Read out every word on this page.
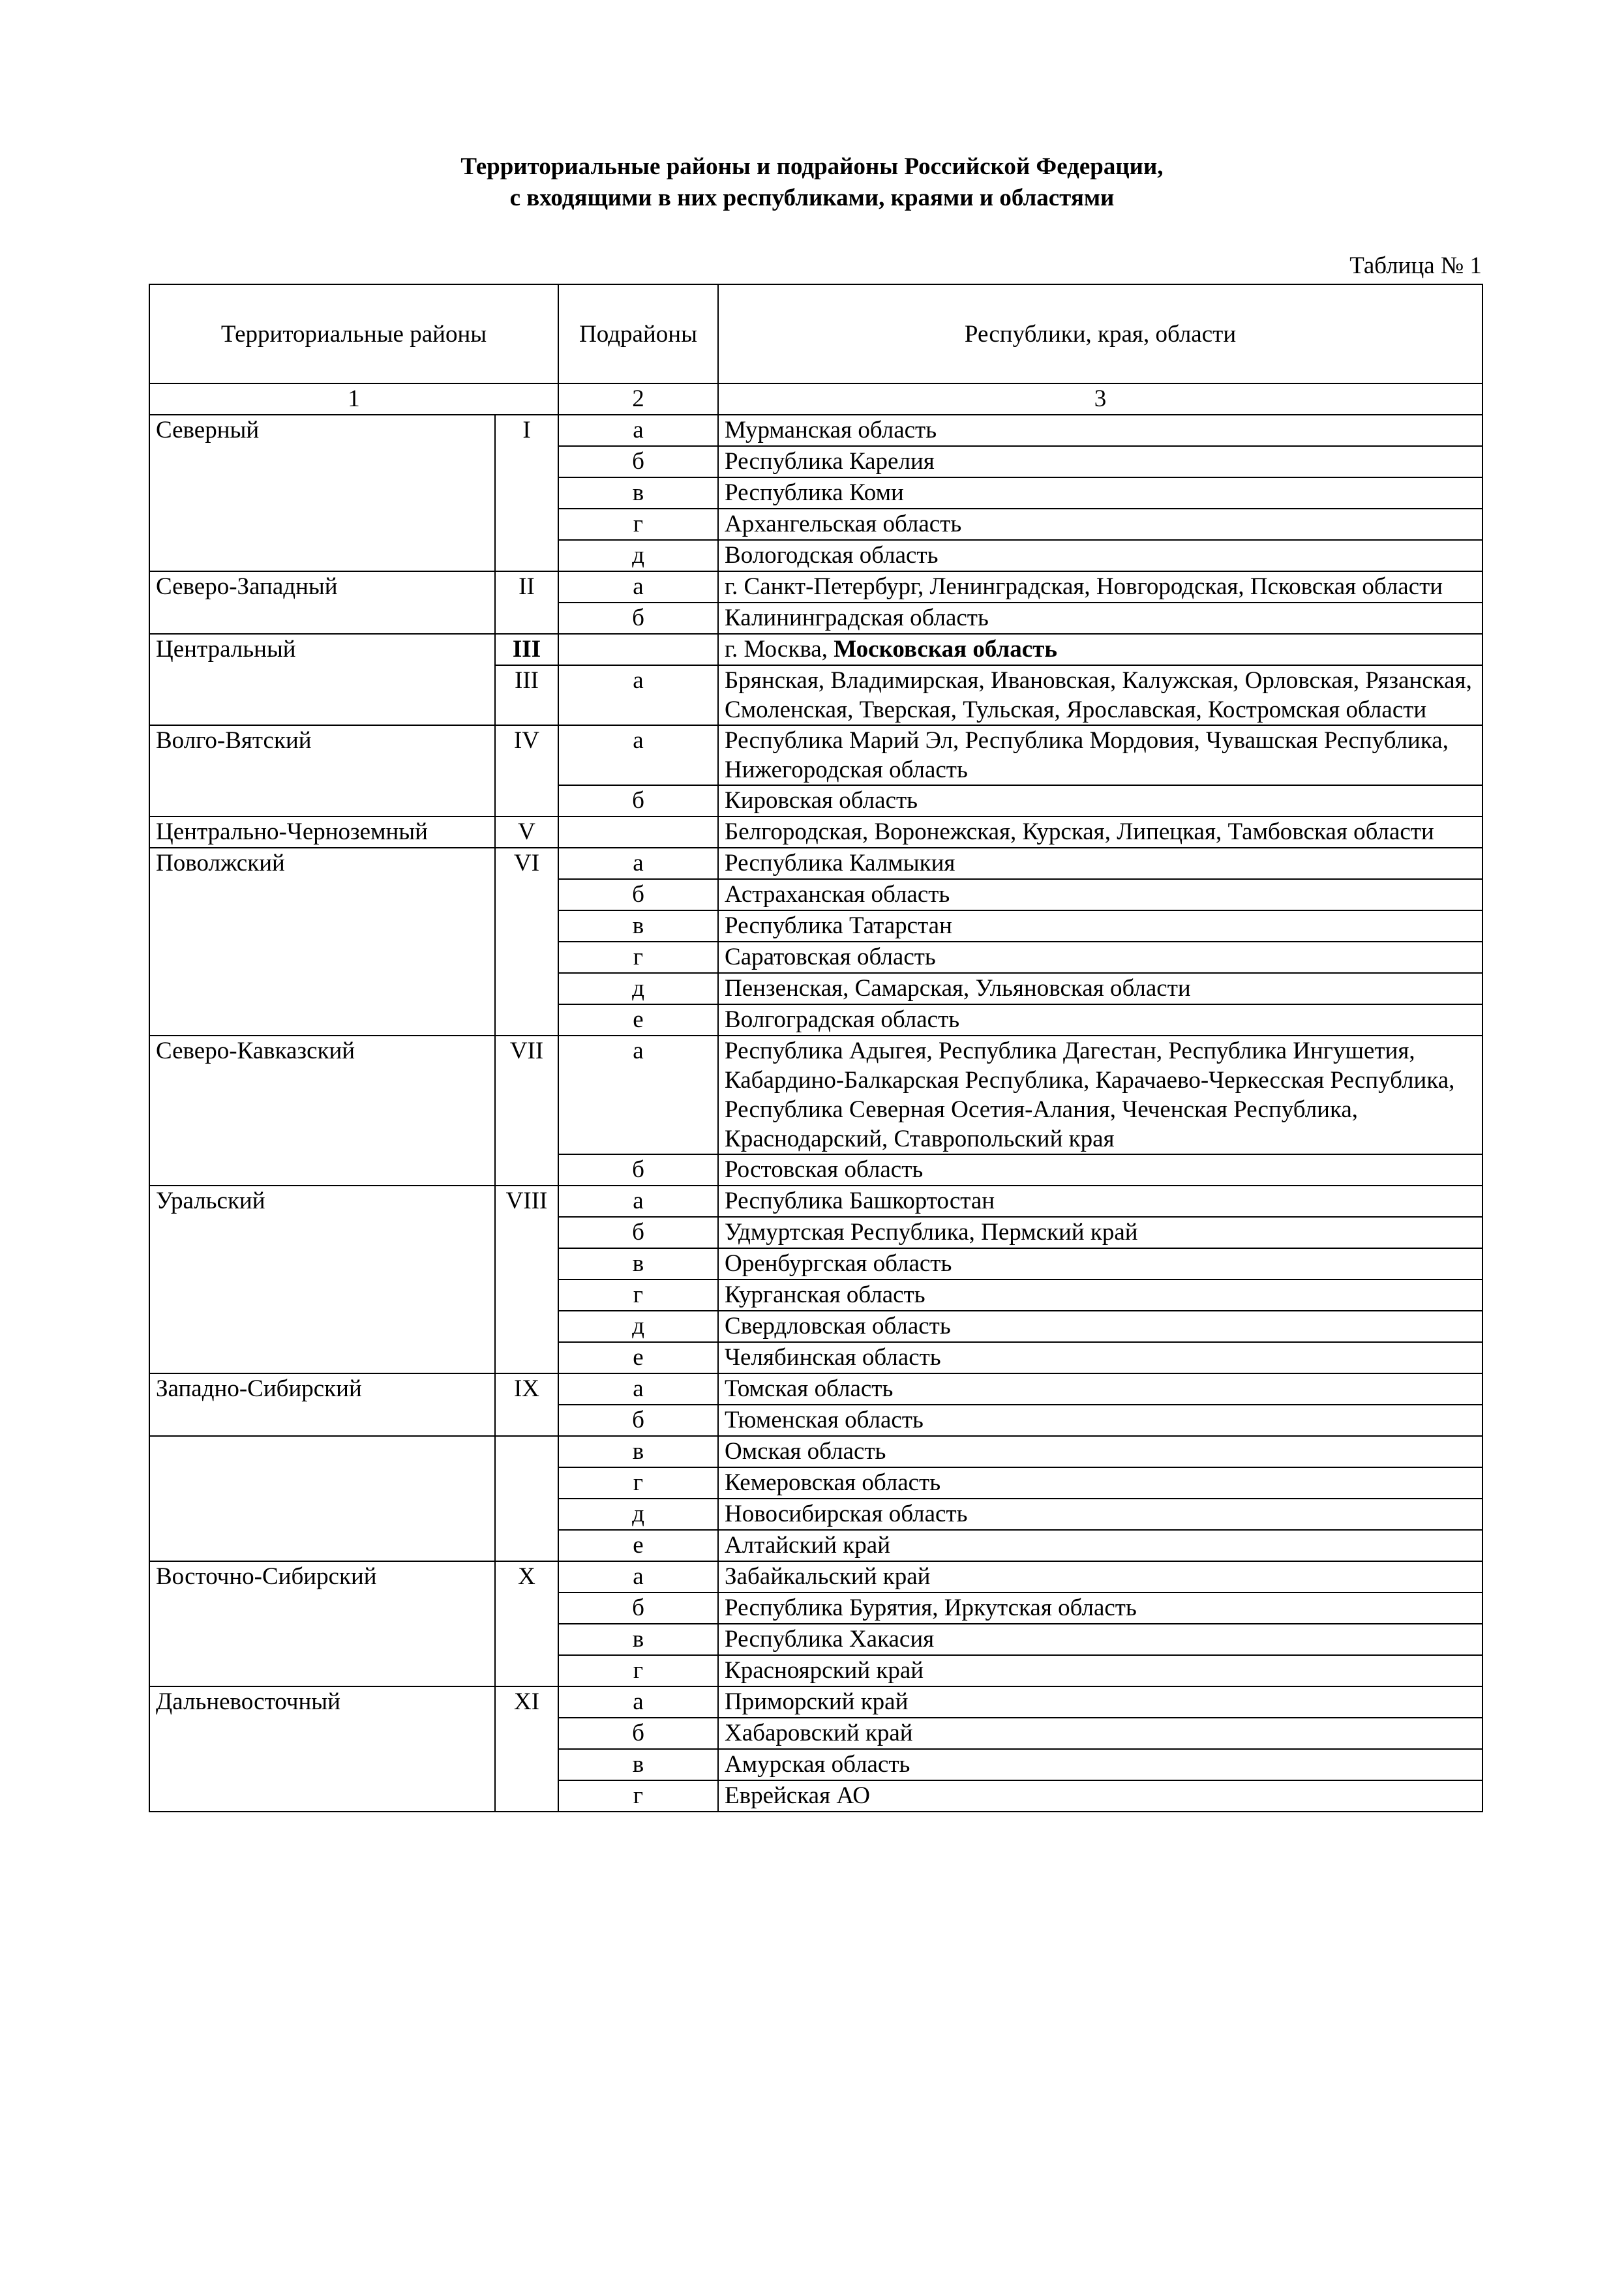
Территориальные районы и подрайоны Российской Федерации,
с входящими в них республиками, краями и областями
Таблица № 1
Территориальные районы		Подрайоны	Республики, края, области
1		2	3
Северный	I	а	Мурманская область
		б	Республика Карелия
		в	Республика Коми
		г	Архангельская область
		д	Вологодская область
Северо-Западный	II	а	г. Санкт-Петербург, Ленинградская, Новгородская, Псковская области
		б	Калининградская область
Центральный	III		г. Москва, Московская область
	III	а	Брянская, Владимирская, Ивановская, Калужская, Орловская, Рязанская, Смоленская, Тверская, Тульская, Ярославская, Костромская области
Волго-Вятский	IV	а	Республика Марий Эл, Республика Мордовия, Чувашская Республика, Нижегородская область
		б	Кировская область
Центрально-Черноземный	V		Белгородская, Воронежская, Курская, Липецкая, Тамбовская области
Поволжский	VI	а	Республика Калмыкия
		б	Астраханская область
		в	Республика Татарстан
		г	Саратовская область
		д	Пензенская, Самарская, Ульяновская области
		е	Волгоградская область
Северо-Кавказский	VII	а	Республика Адыгея, Республика Дагестан, Республика Ингушетия, Кабардино-Балкарская Республика, Карачаево-Черкесская Республика, Республика Северная Осетия-Алания, Чеченская Республика, Краснодарский, Ставропольский края
		б	Ростовская область
Уральский	VIII	а	Республика Башкортостан
		б	Удмуртская Республика, Пермский край
		в	Оренбургская область
		г	Курганская область
		д	Свердловская область
		е	Челябинская область
Западно-Сибирский	IX	а	Томская область
		б	Тюменская область
		в	Омская область
		г	Кемеровская область
		д	Новосибирская область
		е	Алтайский край
Восточно-Сибирский	X	а	Забайкальский край
		б	Республика Бурятия, Иркутская область
		в	Республика Хакасия
		г	Красноярский край
Дальневосточный	XI	а	Приморский край
		б	Хабаровский край
		в	Амурская область
		г	Еврейская АО
